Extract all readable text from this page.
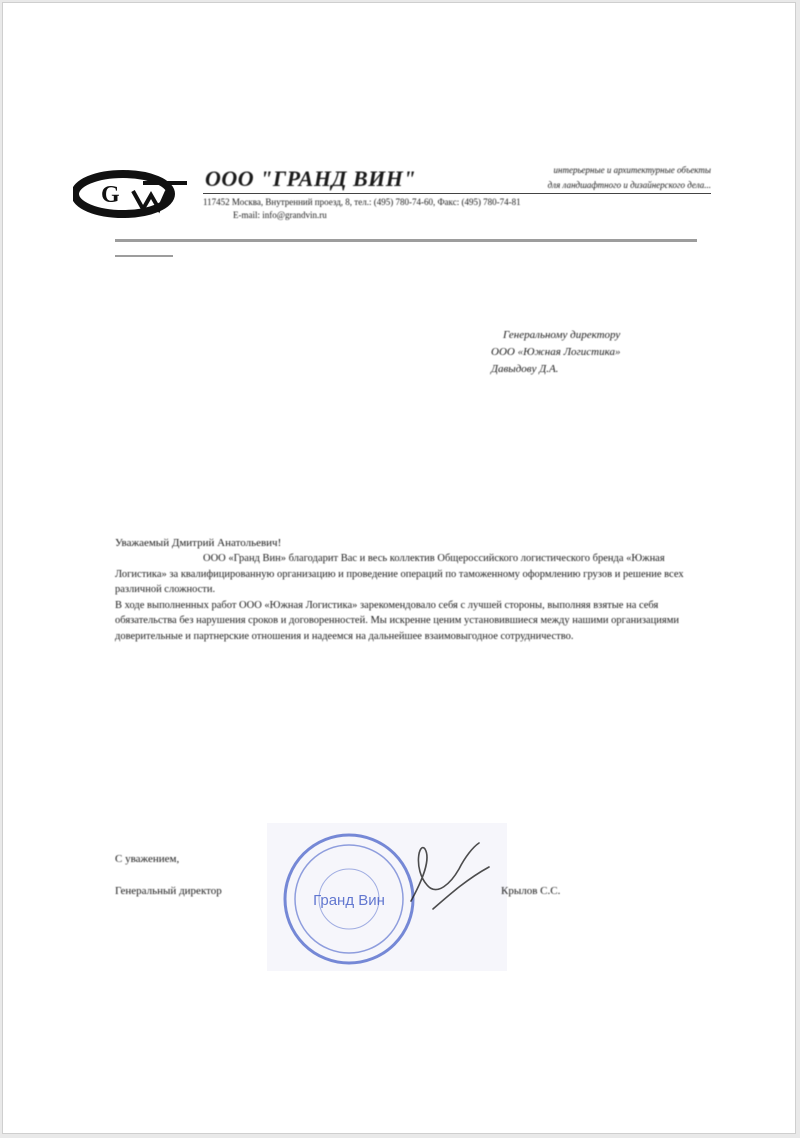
G
ООО "ГРАНД ВИН"	интерьерные и архитектурные объекты
для ландшафтного и дизайнерского дела...
117452 Москва, Внутренний проезд, 8, тел.: (495) 780-74-60, Факс: (495) 780-74-81
E-mail: info@grandvin.ru
Генеральному директору
ООО «Южная Логистика»
Давыдову Д.А.
Уважаемый Дмитрий Анатольевич!

ООО «Гранд Вин» благодарит Вас и весь коллектив Общероссийского логистического бренда «Южная Логистика» за квалифицированную организацию и проведение операций по таможенному оформлению грузов и решение всех различной сложности.

В ходе выполненных работ ООО «Южная Логистика» зарекомендовало себя с лучшей стороны, выполняя взятые на себя обязательства без нарушения сроков и договоренностей. Мы искренне ценим установившиеся между нашими организациями доверительные и партнерские отношения и надеемся на дальнейшее взаимовыгодное сотрудничество.

С уважением,
Генеральный директор
Гранд Вин
Крылов С.С.
